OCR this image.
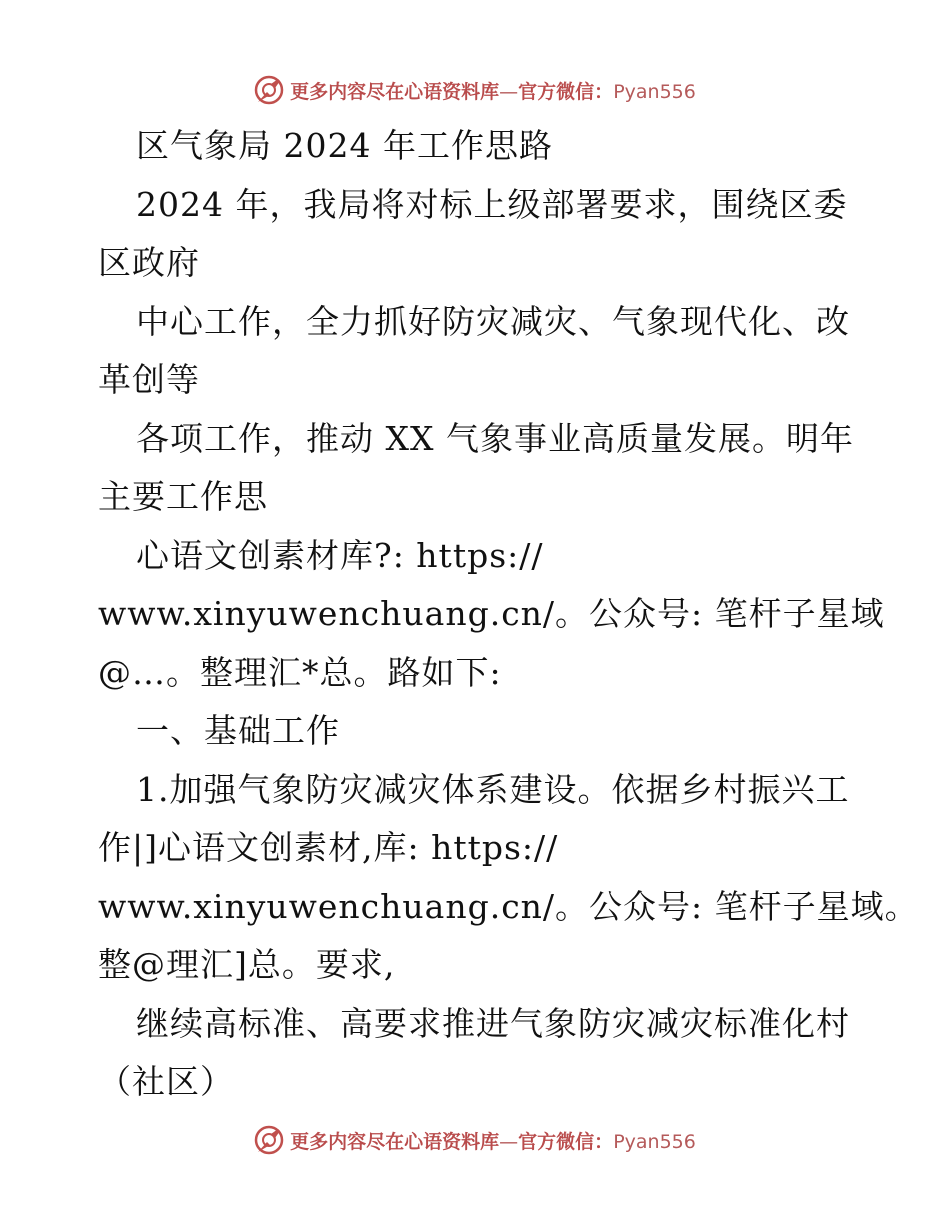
更多内容尽在心语资料库—官方微信：Pyan556
区气象局 2024 年工作思路
2024 年，我局将对标上级部署要求，围绕区委
区政府
中心工作，全力抓好防灾减灾、气象现代化、改
革创等
各项工作，推动 XX 气象事业高质量发展。明年
主要工作思
心语文创素材库?: https://
www.xinyuwenchuang.cn/。公众号: 笔杆子星域
@…。整理汇*总。路如下:
一、基础工作
1.加强气象防灾减灾体系建设。依据乡村振兴工
作|]心语文创素材,库: https://
www.xinyuwenchuang.cn/。公众号: 笔杆子星域。
整@理汇]总。要求,
继续高标准、高要求推进气象防灾减灾标准化村
（社区）
更多内容尽在心语资料库—官方微信：Pyan556
